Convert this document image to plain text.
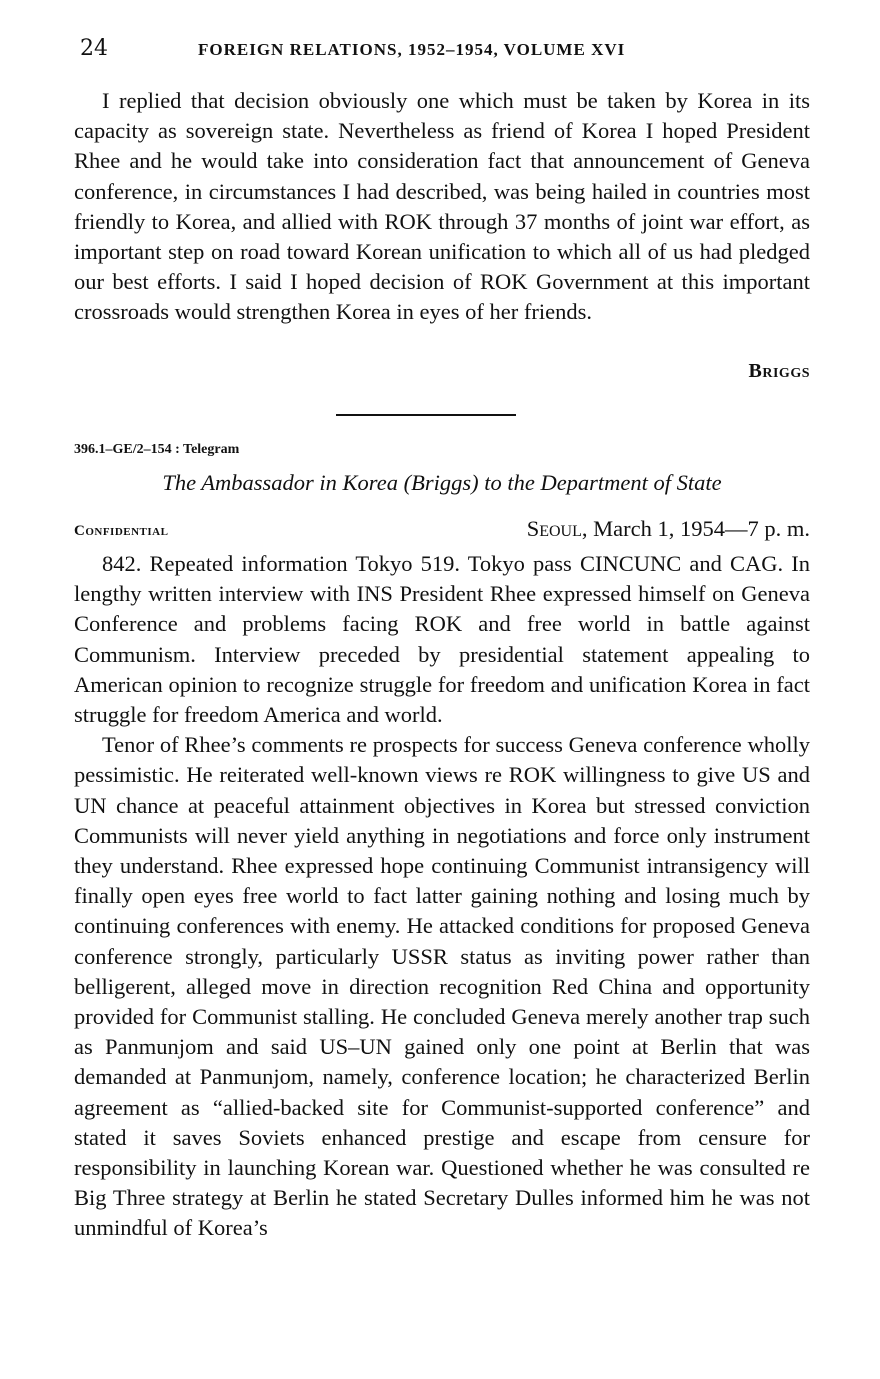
24	FOREIGN RELATIONS, 1952–1954, VOLUME XVI

I replied that decision obviously one which must be taken by Korea in its capacity as sovereign state. Nevertheless as friend of Korea I hoped President Rhee and he would take into consideration fact that announcement of Geneva conference, in circumstances I had described, was being hailed in countries most friendly to Korea, and allied with ROK through 37 months of joint war effort, as important step on road toward Korean unification to which all of us had pledged our best efforts. I said I hoped decision of ROK Government at this important crossroads would strengthen Korea in eyes of her friends.

Briggs
396.1–GE/2–154 : Telegram
The Ambassador in Korea (Briggs) to the Department of State
Confidential	Seoul, March 1, 1954—7 p. m.

842. Repeated information Tokyo 519. Tokyo pass CINCUNC and CAG. In lengthy written interview with INS President Rhee expressed himself on Geneva Conference and problems facing ROK and free world in battle against Communism. Interview preceded by presidential statement appealing to American opinion to recognize struggle for freedom and unification Korea in fact struggle for freedom America and world.

Tenor of Rhee’s comments re prospects for success Geneva conference wholly pessimistic. He reiterated well-known views re ROK willingness to give US and UN chance at peaceful attainment objectives in Korea but stressed conviction Communists will never yield anything in negotiations and force only instrument they understand. Rhee expressed hope continuing Communist intransigency will finally open eyes free world to fact latter gaining nothing and losing much by continuing conferences with enemy. He attacked conditions for proposed Geneva conference strongly, particularly USSR status as inviting power rather than belligerent, alleged move in direction recognition Red China and opportunity provided for Communist stalling. He concluded Geneva merely another trap such as Panmunjom and said US–UN gained only one point at Berlin that was demanded at Panmunjom, namely, conference location; he characterized Berlin agreement as “allied-backed site for Communist-supported conference” and stated it saves Soviets enhanced prestige and escape from censure for responsibility in launching Korean war. Questioned whether he was consulted re Big Three strategy at Berlin he stated Secretary Dulles informed him he was not unmindful of Korea’s
